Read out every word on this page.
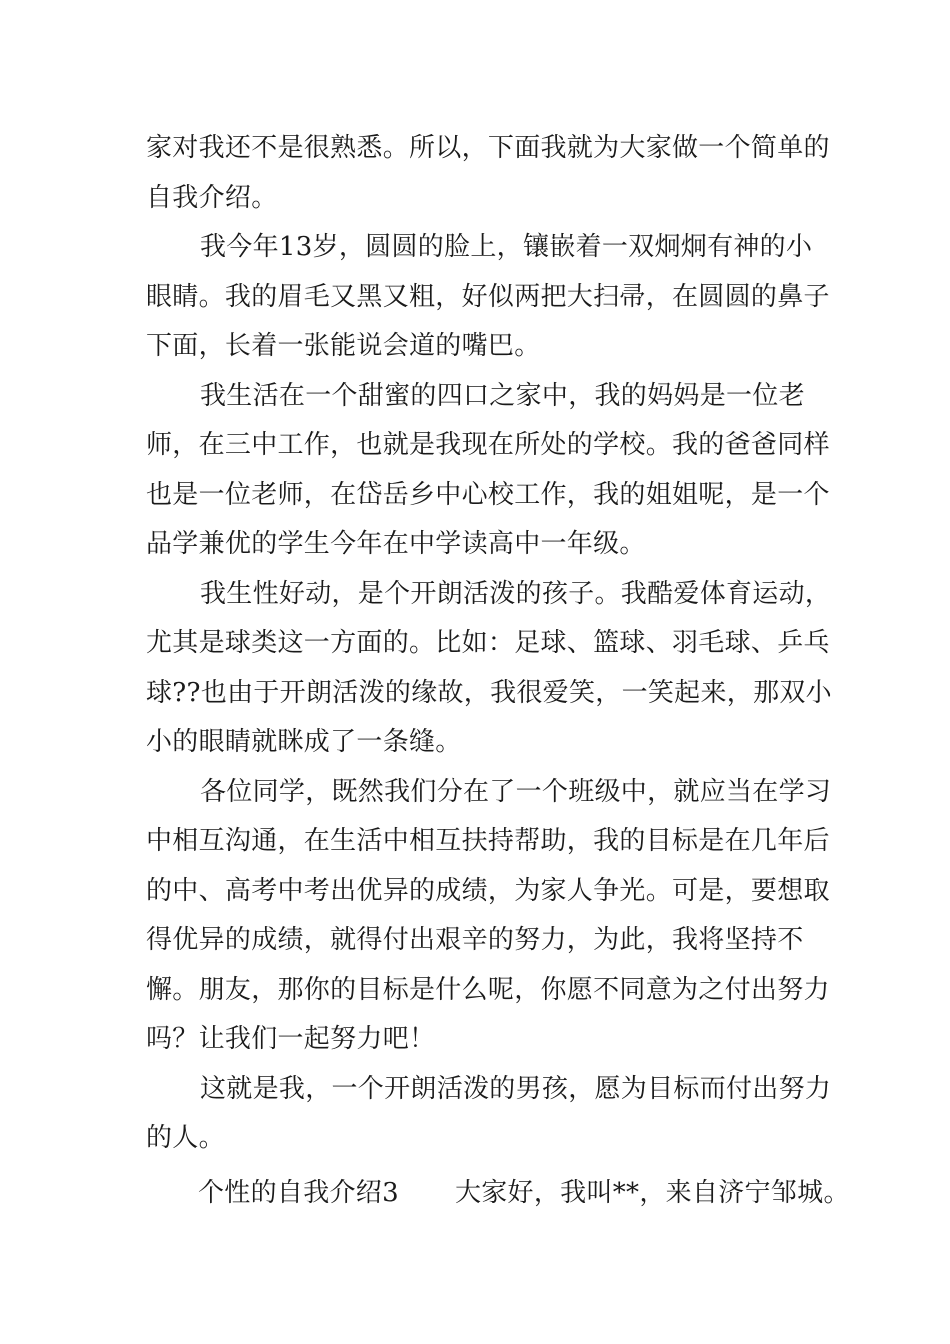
家对我还不是很熟悉。所以，下面我就为大家做一个简单的自我介绍。

我今年13岁，圆圆的脸上，镶嵌着一双炯炯有神的小眼睛。我的眉毛又黑又粗，好似两把大扫帚，在圆圆的鼻子下面，长着一张能说会道的嘴巴。

我生活在一个甜蜜的四口之家中，我的妈妈是一位老师，在三中工作，也就是我现在所处的学校。我的爸爸同样也是一位老师，在岱岳乡中心校工作，我的姐姐呢，是一个品学兼优的学生今年在中学读高中一年级。

我生性好动，是个开朗活泼的孩子。我酷爱体育运动，尤其是球类这一方面的。比如：足球、篮球、羽毛球、乒乓球??也由于开朗活泼的缘故，我很爱笑，一笑起来，那双小小的眼睛就眯成了一条缝。

各位同学，既然我们分在了一个班级中，就应当在学习中相互沟通，在生活中相互扶持帮助，我的目标是在几年后的中、高考中考出优异的成绩，为家人争光。可是，要想取得优异的成绩，就得付出艰辛的努力，为此，我将坚持不懈。朋友，那你的目标是什么呢，你愿不同意为之付出努力吗？让我们一起努力吧！

这就是我，一个开朗活泼的男孩，愿为目标而付出努力的人。

个性的自我介绍3 大家好，我叫**，来自济宁邹城。
